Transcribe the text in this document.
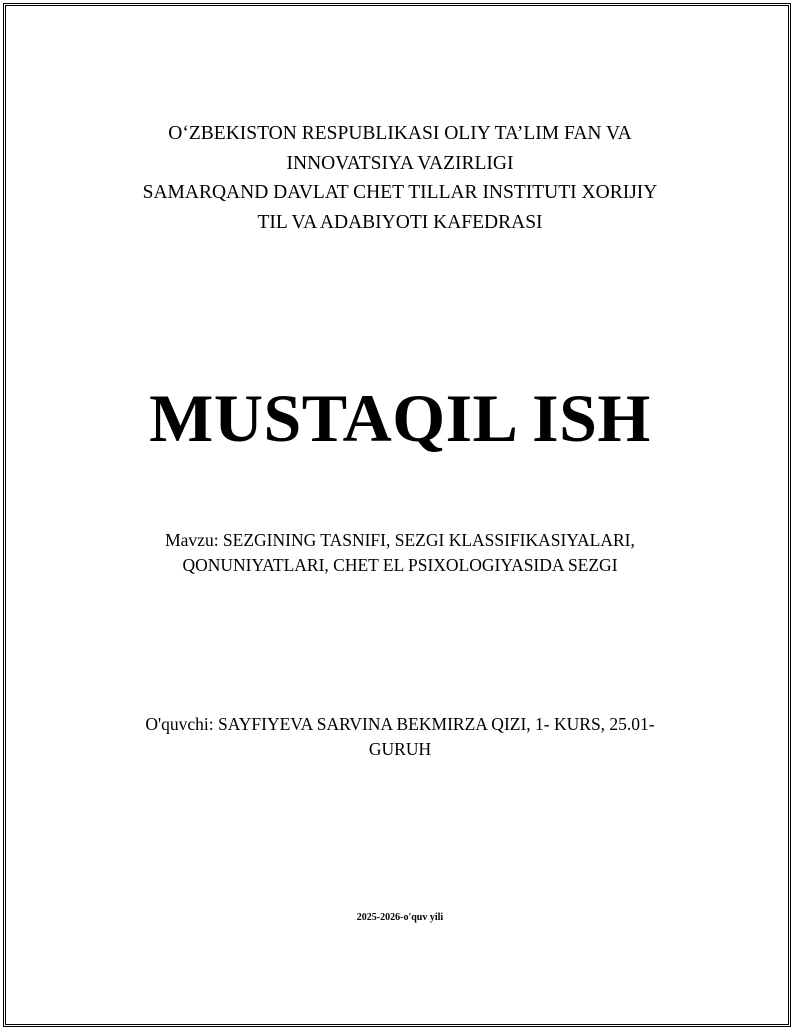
O‘ZBEKISTON RESPUBLIKASI OLIY TA’LIM FAN VA
INNOVATSIYA VAZIRLIGI
SAMARQAND DAVLAT CHET TILLAR INSTITUTI XORIJIY
TIL VA ADABIYOTI KAFEDRASI
MUSTAQIL ISH
Mavzu: SEZGINING TASNIFI, SEZGI KLASSIFIKASIYALARI,
QONUNIYATLARI, CHET EL PSIXOLOGIYASIDA SEZGI
O'quvchi: SAYFIYEVA SARVINA BEKMIRZA QIZI, 1- KURS, 25.01-
GURUH
2025-2026-o'quv yili
